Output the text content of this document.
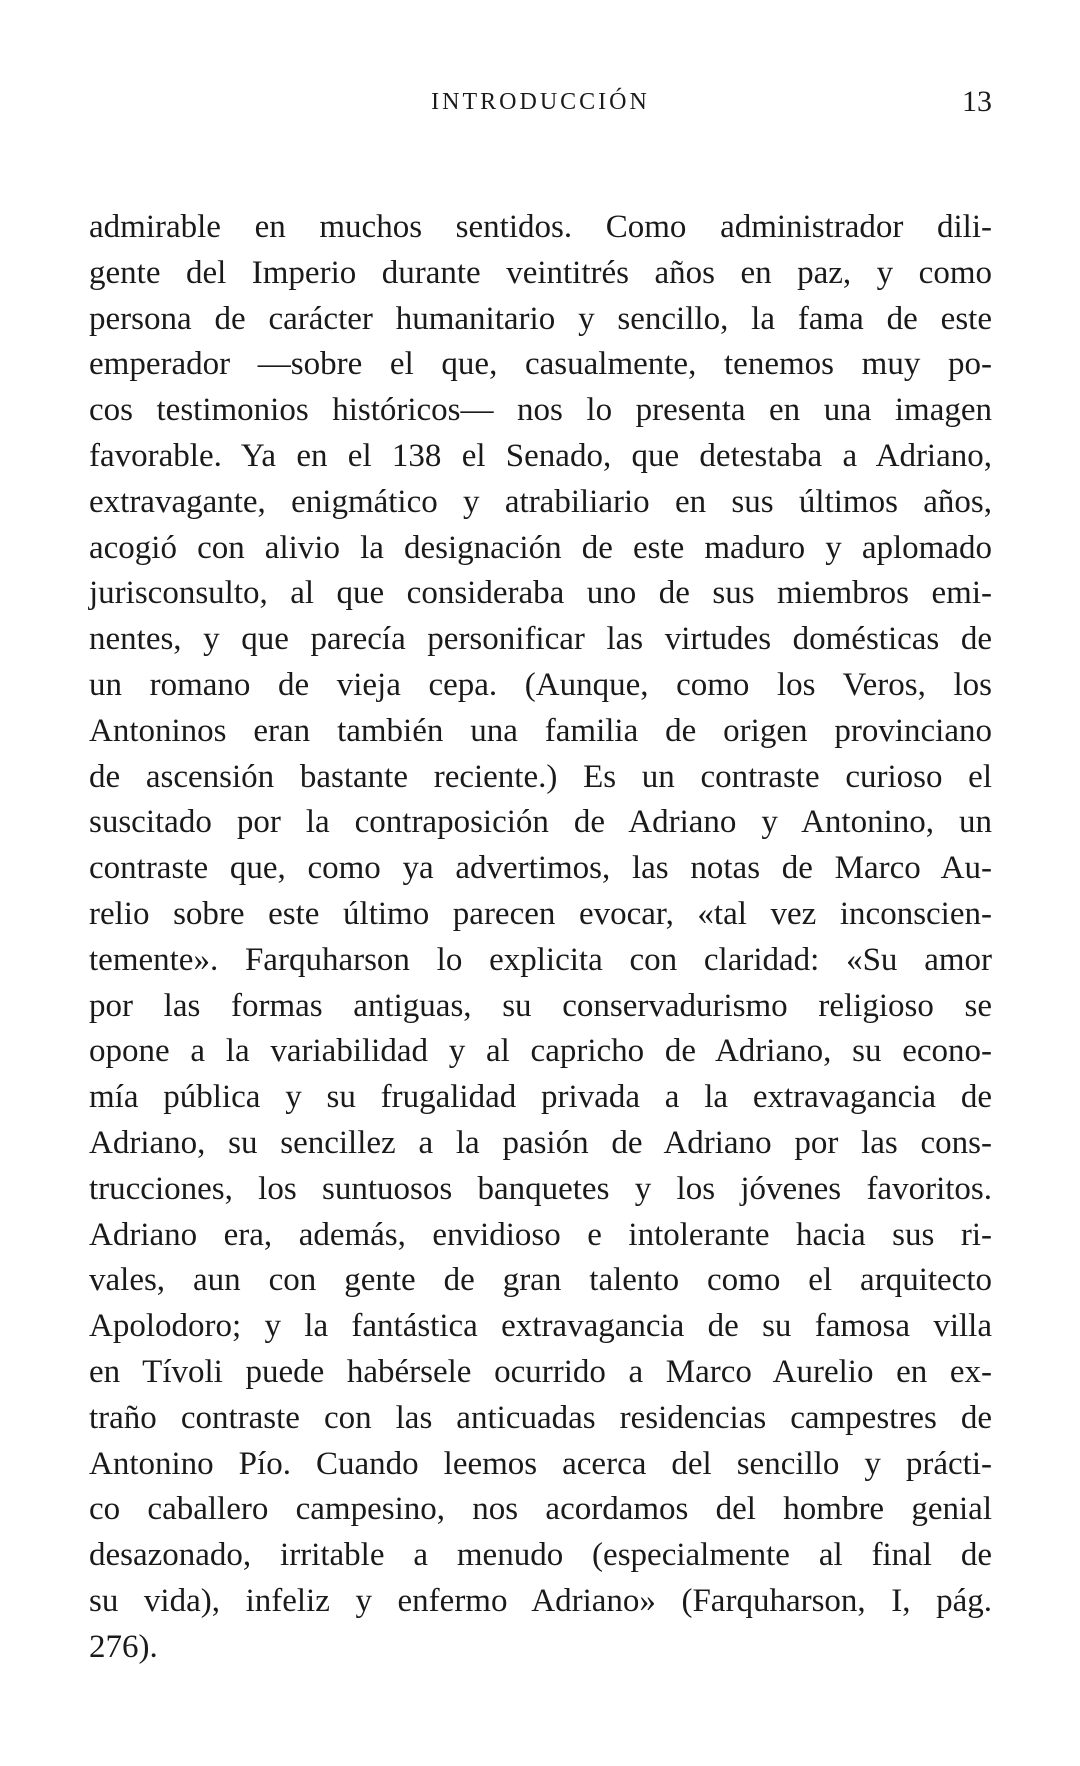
INTRODUCCIÓN	13
admirable en muchos sentidos. Como administrador dili-
gente del Imperio durante veintitrés años en paz, y como
persona de carácter humanitario y sencillo, la fama de este
emperador —sobre el que, casualmente, tenemos muy po-
cos testimonios históricos— nos lo presenta en una imagen
favorable. Ya en el 138 el Senado, que detestaba a Adriano,
extravagante, enigmático y atrabiliario en sus últimos años,
acogió con alivio la designación de este maduro y aplomado
jurisconsulto, al que consideraba uno de sus miembros emi-
nentes, y que parecía personificar las virtudes domésticas de
un romano de vieja cepa. (Aunque, como los Veros, los
Antoninos eran también una familia de origen provinciano
de ascensión bastante reciente.) Es un contraste curioso el
suscitado por la contraposición de Adriano y Antonino, un
contraste que, como ya advertimos, las notas de Marco Au-
relio sobre este último parecen evocar, «tal vez inconscien-
temente». Farquharson lo explicita con claridad: «Su amor
por las formas antiguas, su conservadurismo religioso se
opone a la variabilidad y al capricho de Adriano, su econo-
mía pública y su frugalidad privada a la extravagancia de
Adriano, su sencillez a la pasión de Adriano por las cons-
trucciones, los suntuosos banquetes y los jóvenes favoritos.
Adriano era, además, envidioso e intolerante hacia sus ri-
vales, aun con gente de gran talento como el arquitecto
Apolodoro; y la fantástica extravagancia de su famosa villa
en Tívoli puede habérsele ocurrido a Marco Aurelio en ex-
traño contraste con las anticuadas residencias campestres de
Antonino Pío. Cuando leemos acerca del sencillo y prácti-
co caballero campesino, nos acordamos del hombre genial
desazonado, irritable a menudo (especialmente al final de
su vida), infeliz y enfermo Adriano» (Farquharson, I, pág.
276).
